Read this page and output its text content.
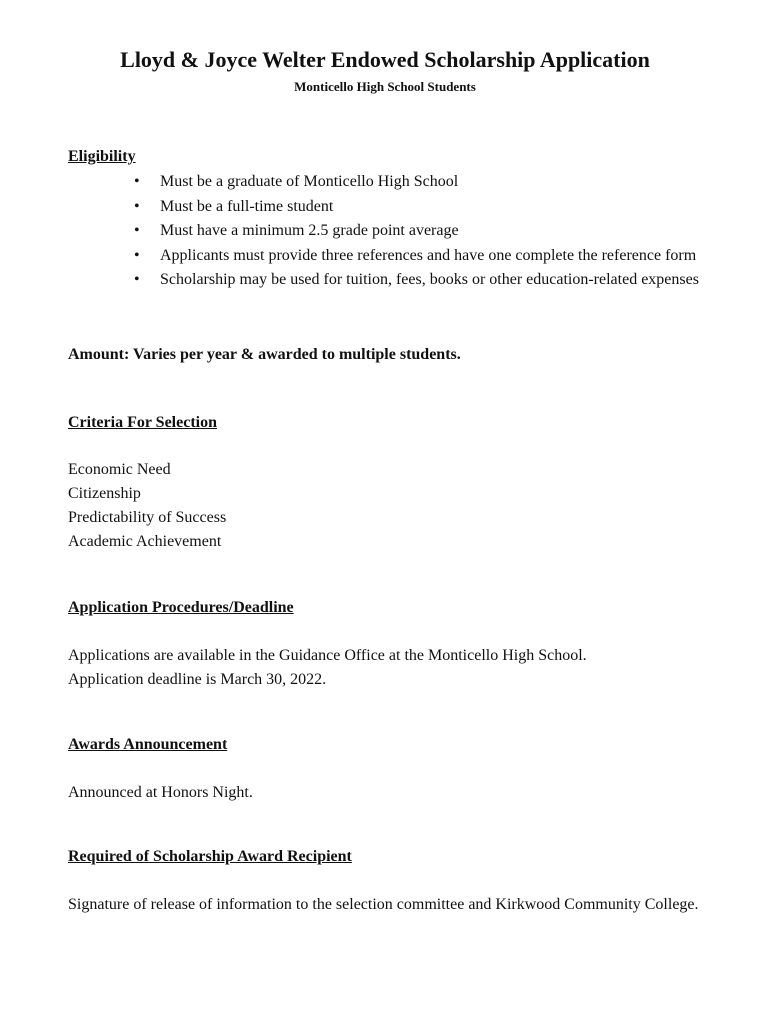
Lloyd & Joyce Welter Endowed Scholarship Application
Monticello High School Students
Eligibility
• Must be a graduate of Monticello High School
• Must be a full-time student
• Must have a minimum 2.5 grade point average
• Applicants must provide three references and have one complete the reference form
• Scholarship may be used for tuition, fees, books or other education-related expenses
Amount: Varies per year & awarded to multiple students.
Criteria For Selection
Economic Need
Citizenship
Predictability of Success
Academic Achievement
Application Procedures/Deadline
Applications are available in the Guidance Office at the Monticello High School.
Application deadline is March 30, 2022.
Awards Announcement
Announced at Honors Night.
Required of Scholarship Award Recipient
Signature of release of information to the selection committee and Kirkwood Community College.
